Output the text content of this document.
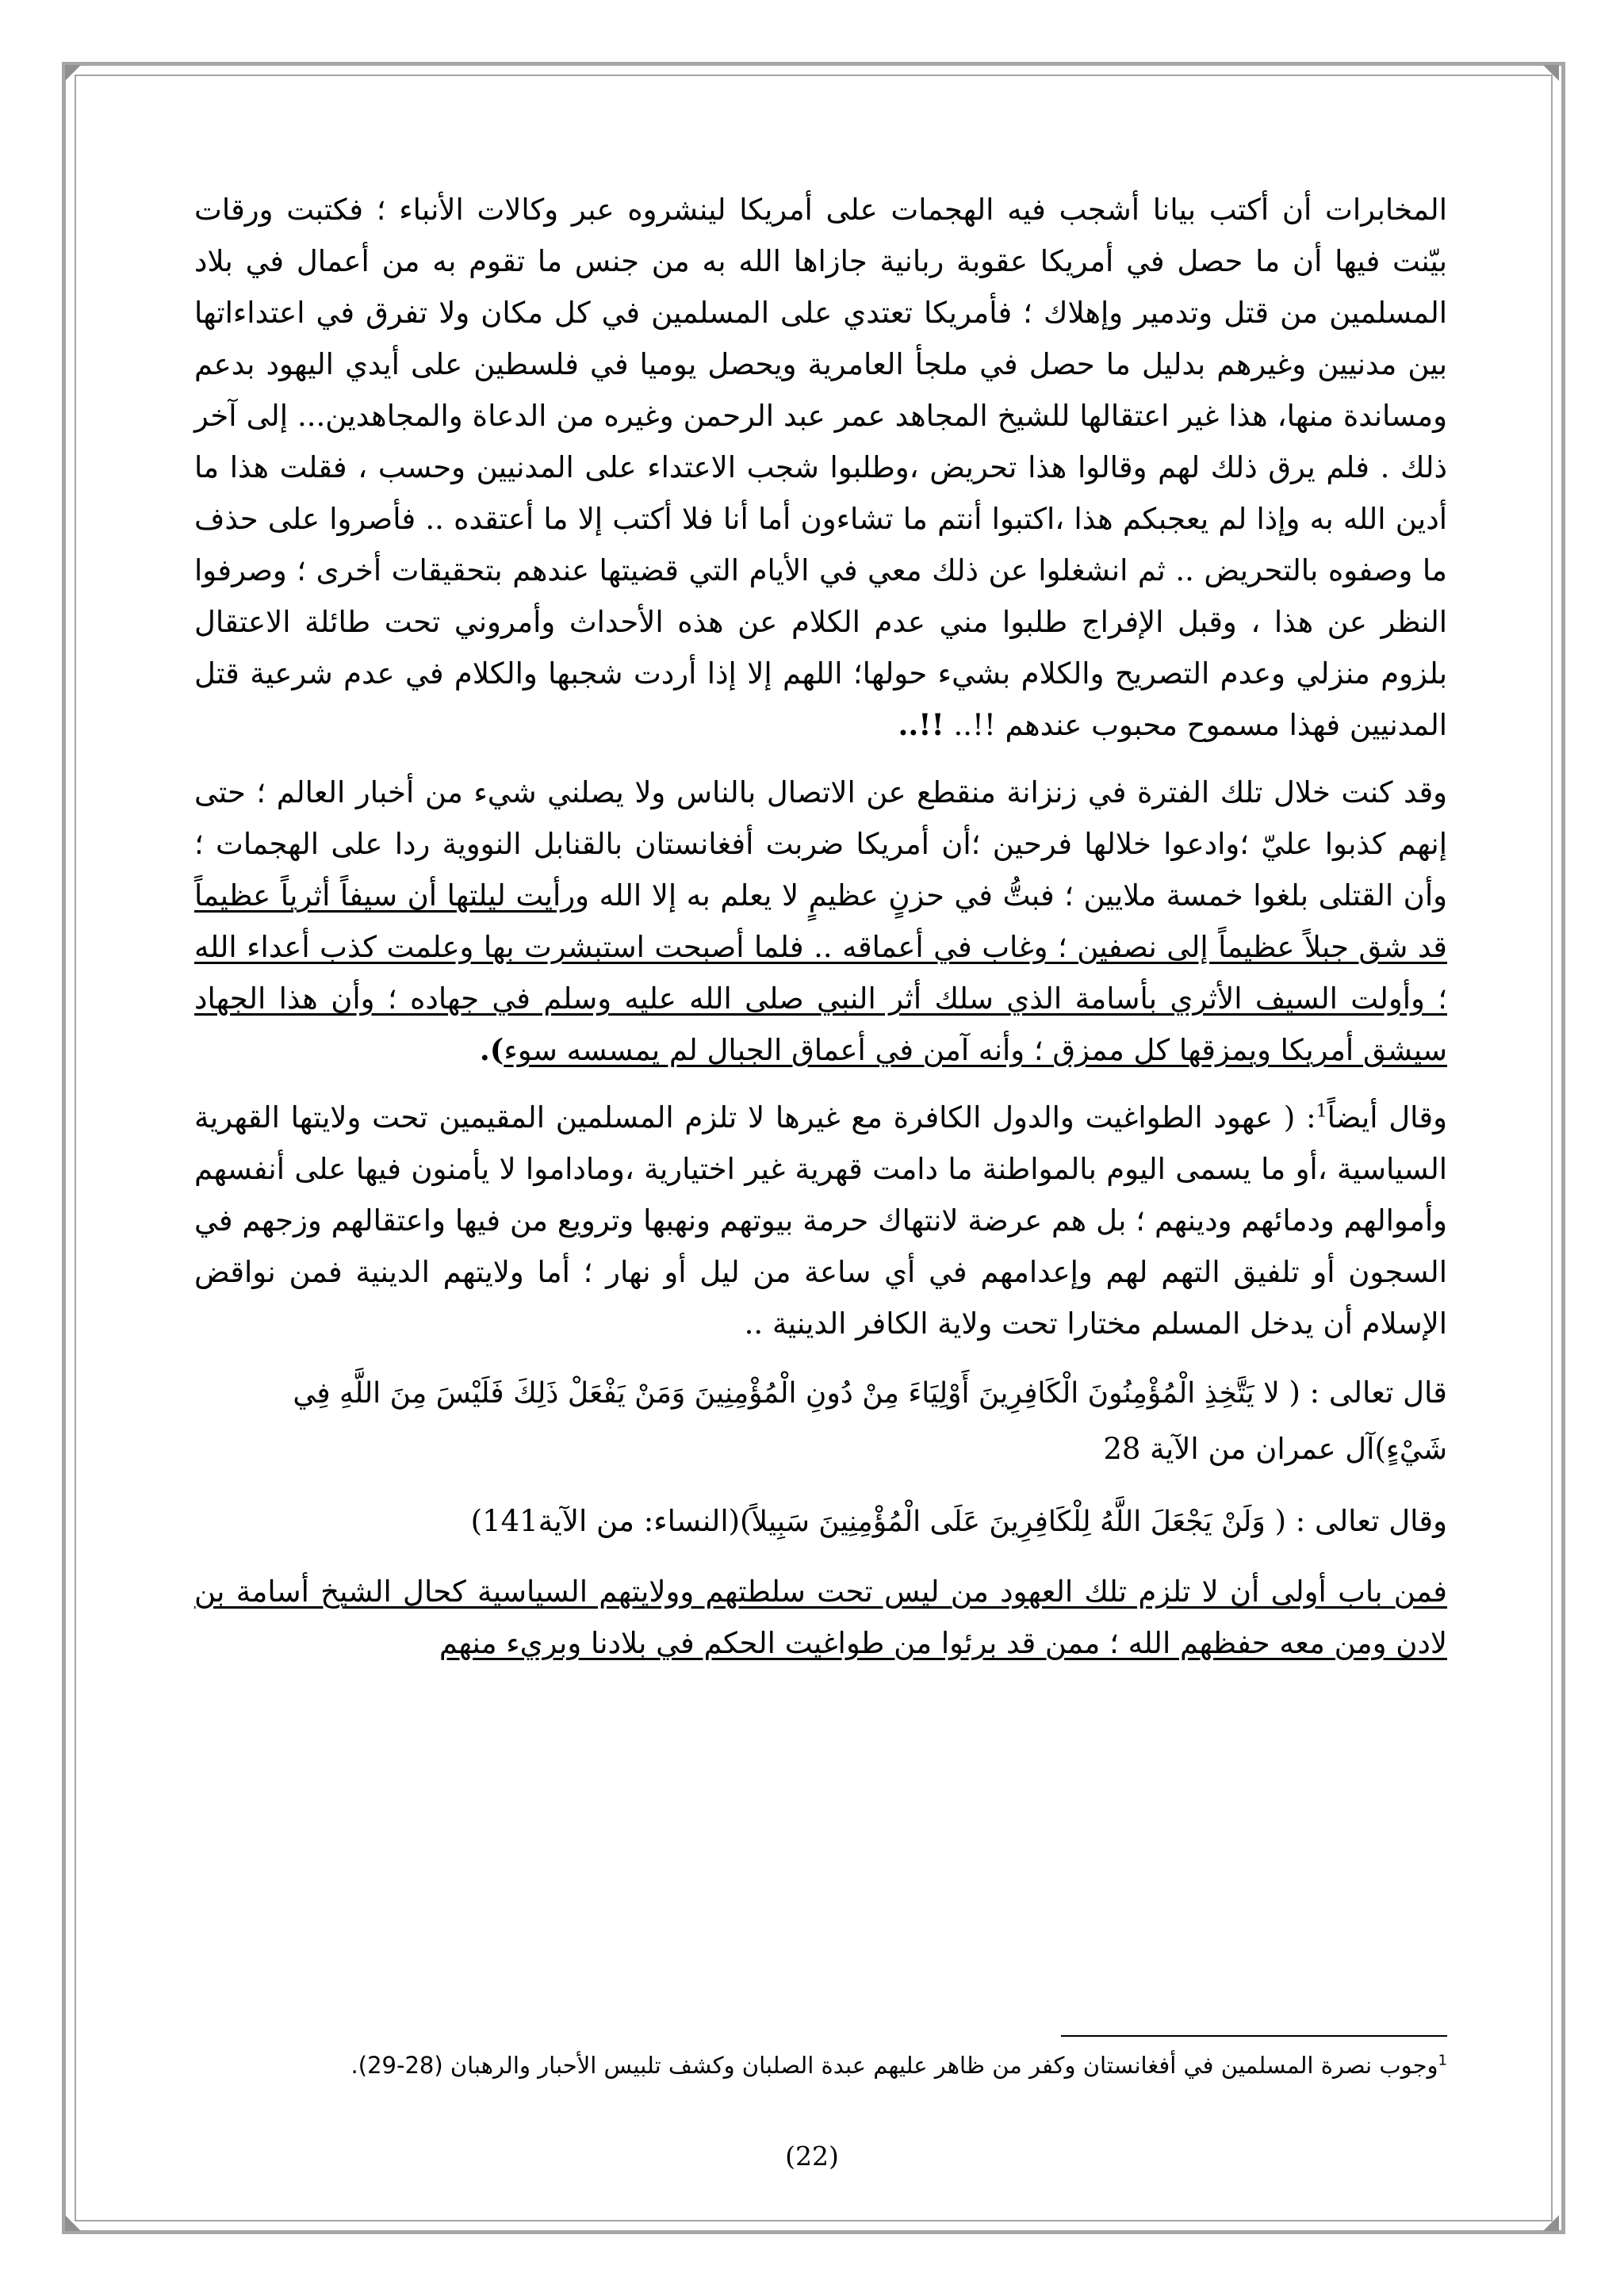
المخابرات أن أكتب بيانا أشجب فيه الهجمات على أمريكا لينشروه عبر وكالات الأنباء ؛ فكتبت ورقات بيّنت فيها أن ما حصل في أمريكا عقوبة ربانية جازاها الله به من جنس ما تقوم به من أعمال في بلاد المسلمين من قتل وتدمير وإهلاك ؛ فأمريكا تعتدي على المسلمين في كل مكان ولا تفرق في اعتداءاتها بين مدنيين وغيرهم بدليل ما حصل في ملجأ العامرية ويحصل يوميا في فلسطين على أيدي اليهود بدعم ومساندة منها، هذا غير اعتقالها للشيخ المجاهد عمر عبد الرحمن وغيره من الدعاة والمجاهدين... إلى آخر ذلك . فلم يرق ذلك لهم وقالوا هذا تحريض ،وطلبوا شجب الاعتداء على المدنيين وحسب ، فقلت هذا ما أدين الله به وإذا لم يعجبكم هذا ،اكتبوا أنتم ما تشاءون أما أنا فلا أكتب إلا ما أعتقده .. فأصروا على حذف ما وصفوه بالتحريض .. ثم انشغلوا عن ذلك معي في الأيام التي قضيتها عندهم بتحقيقات أخرى ؛ وصرفوا النظر عن هذا ، وقبل الإفراج طلبوا مني عدم الكلام عن هذه الأحداث وأمروني تحت طائلة الاعتقال بلزوم منزلي وعدم التصريح والكلام بشيء حولها؛ اللهم إلا إذا أردت شجبها والكلام في عدم شرعية قتل المدنيين فهذا مسموح محبوب عندهم !!.. !!..

وقد كنت خلال تلك الفترة في زنزانة منقطع عن الاتصال بالناس ولا يصلني شيء من أخبار العالم ؛ حتى إنهم كذبوا عليّ ؛وادعوا خلالها فرحين ؛أن أمريكا ضربت أفغانستان بالقنابل النووية ردا على الهجمات ؛وأن القتلى بلغوا خمسة ملايين ؛ فبتُّ في حزنٍ عظيمٍ لا يعلم به إلا الله ورأيت ليلتها أن سيفاً أثرياً عظيماً قد شق جبلاً عظيماً إلى نصفين ؛ وغاب في أعماقه .. فلما أصبحت استبشرت بها وعلمت كذب أعداء الله ؛ وأولت السيف الأثري بأسامة الذي سلك أثر النبي صلى الله عليه وسلم في جهاده ؛ وأن هذا الجهاد سيشق أمريكا ويمزقها كل ممزق ؛ وأنه آمن في أعماق الجبال لم يمسسه سوء).

وقال أيضاً$^1$: ( عهود الطواغيت والدول الكافرة مع غيرها لا تلزم المسلمين المقيمين تحت ولايتها القهرية السياسية ،أو ما يسمى اليوم بالمواطنة ما دامت قهرية غير اختيارية ،وماداموا لا يأمنون فيها على أنفسهم وأموالهم ودمائهم ودينهم ؛ بل هم عرضة لانتهاك حرمة بيوتهم ونهبها وترويع من فيها واعتقالهم وزجهم في السجون أو تلفيق التهم لهم وإعدامهم في أي ساعة من ليل أو نهار ؛ أما ولايتهم الدينية فمن نواقض الإسلام أن يدخل المسلم مختارا تحت ولاية الكافر الدينية ..

قال تعالى : ( لا يَتَّخِذِ الْمُؤْمِنُونَ الْكَافِرِينَ أَوْلِيَاءَ مِنْ دُونِ الْمُؤْمِنِينَ وَمَنْ يَفْعَلْ ذَلِكَ فَلَيْسَ مِنَ اللَّهِ فِي شَيْءٍ)آل عمران من الآية 28

وقال تعالى : ( وَلَنْ يَجْعَلَ اللَّهُ لِلْكَافِرِينَ عَلَى الْمُؤْمِنِينَ سَبِيلاً)(النساء: من الآية141)

فمن باب أولى أن لا تلزم تلك العهود من ليس تحت سلطتهم وولايتهم السياسية كحال الشيخ أسامة بن لادن ومن معه حفظهم الله ؛ ممن قد برئوا من طواغيت الحكم في بلادنا وبريء منهم

$^1$وجوب نصرة المسلمين في أفغانستان وكفر من ظاهر عليهم عبدة الصلبان وكشف تلبيس الأحبار والرهبان (28-29).
(22)
